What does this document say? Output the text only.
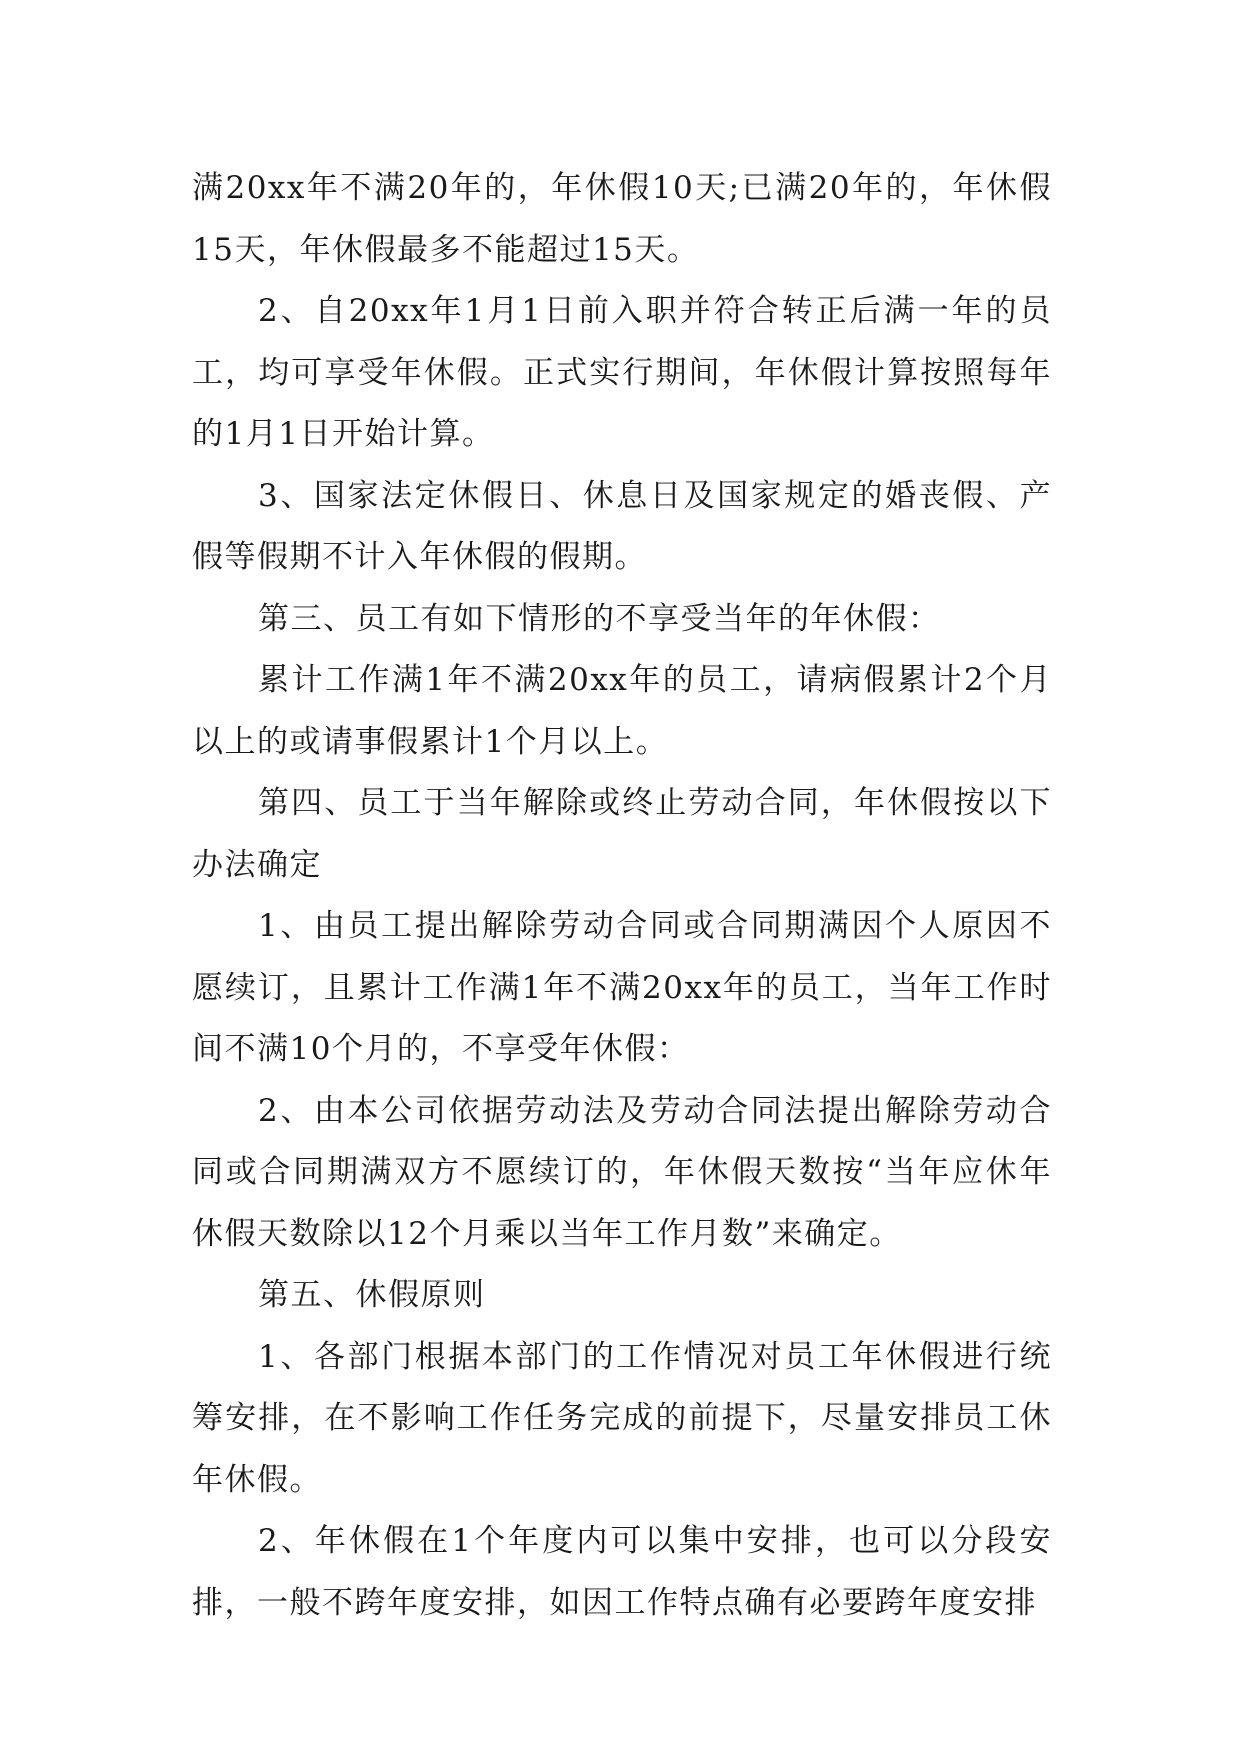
满20xx年不满20年的，年休假10天;已满20年的，年休假15天，年休假最多不能超过15天。

2、自20xx年1月1日前入职并符合转正后满一年的员工，均可享受年休假。正式实行期间，年休假计算按照每年的1月1日开始计算。

3、国家法定休假日、休息日及国家规定的婚丧假、产假等假期不计入年休假的假期。

第三、员工有如下情形的不享受当年的年休假：

累计工作满1年不满20xx年的员工，请病假累计2个月以上的或请事假累计1个月以上。

第四、员工于当年解除或终止劳动合同，年休假按以下办法确定

1、由员工提出解除劳动合同或合同期满因个人原因不愿续订，且累计工作满1年不满20xx年的员工，当年工作时间不满10个月的，不享受年休假：

2、由本公司依据劳动法及劳动合同法提出解除劳动合同或合同期满双方不愿续订的，年休假天数按“当年应休年休假天数除以12个月乘以当年工作月数”来确定。

第五、休假原则

1、各部门根据本部门的工作情况对员工年休假进行统筹安排，在不影响工作任务完成的前提下，尽量安排员工休年休假。

2、年休假在1个年度内可以集中安排，也可以分段安排，一般不跨年度安排，如因工作特点确有必要跨年度安排
